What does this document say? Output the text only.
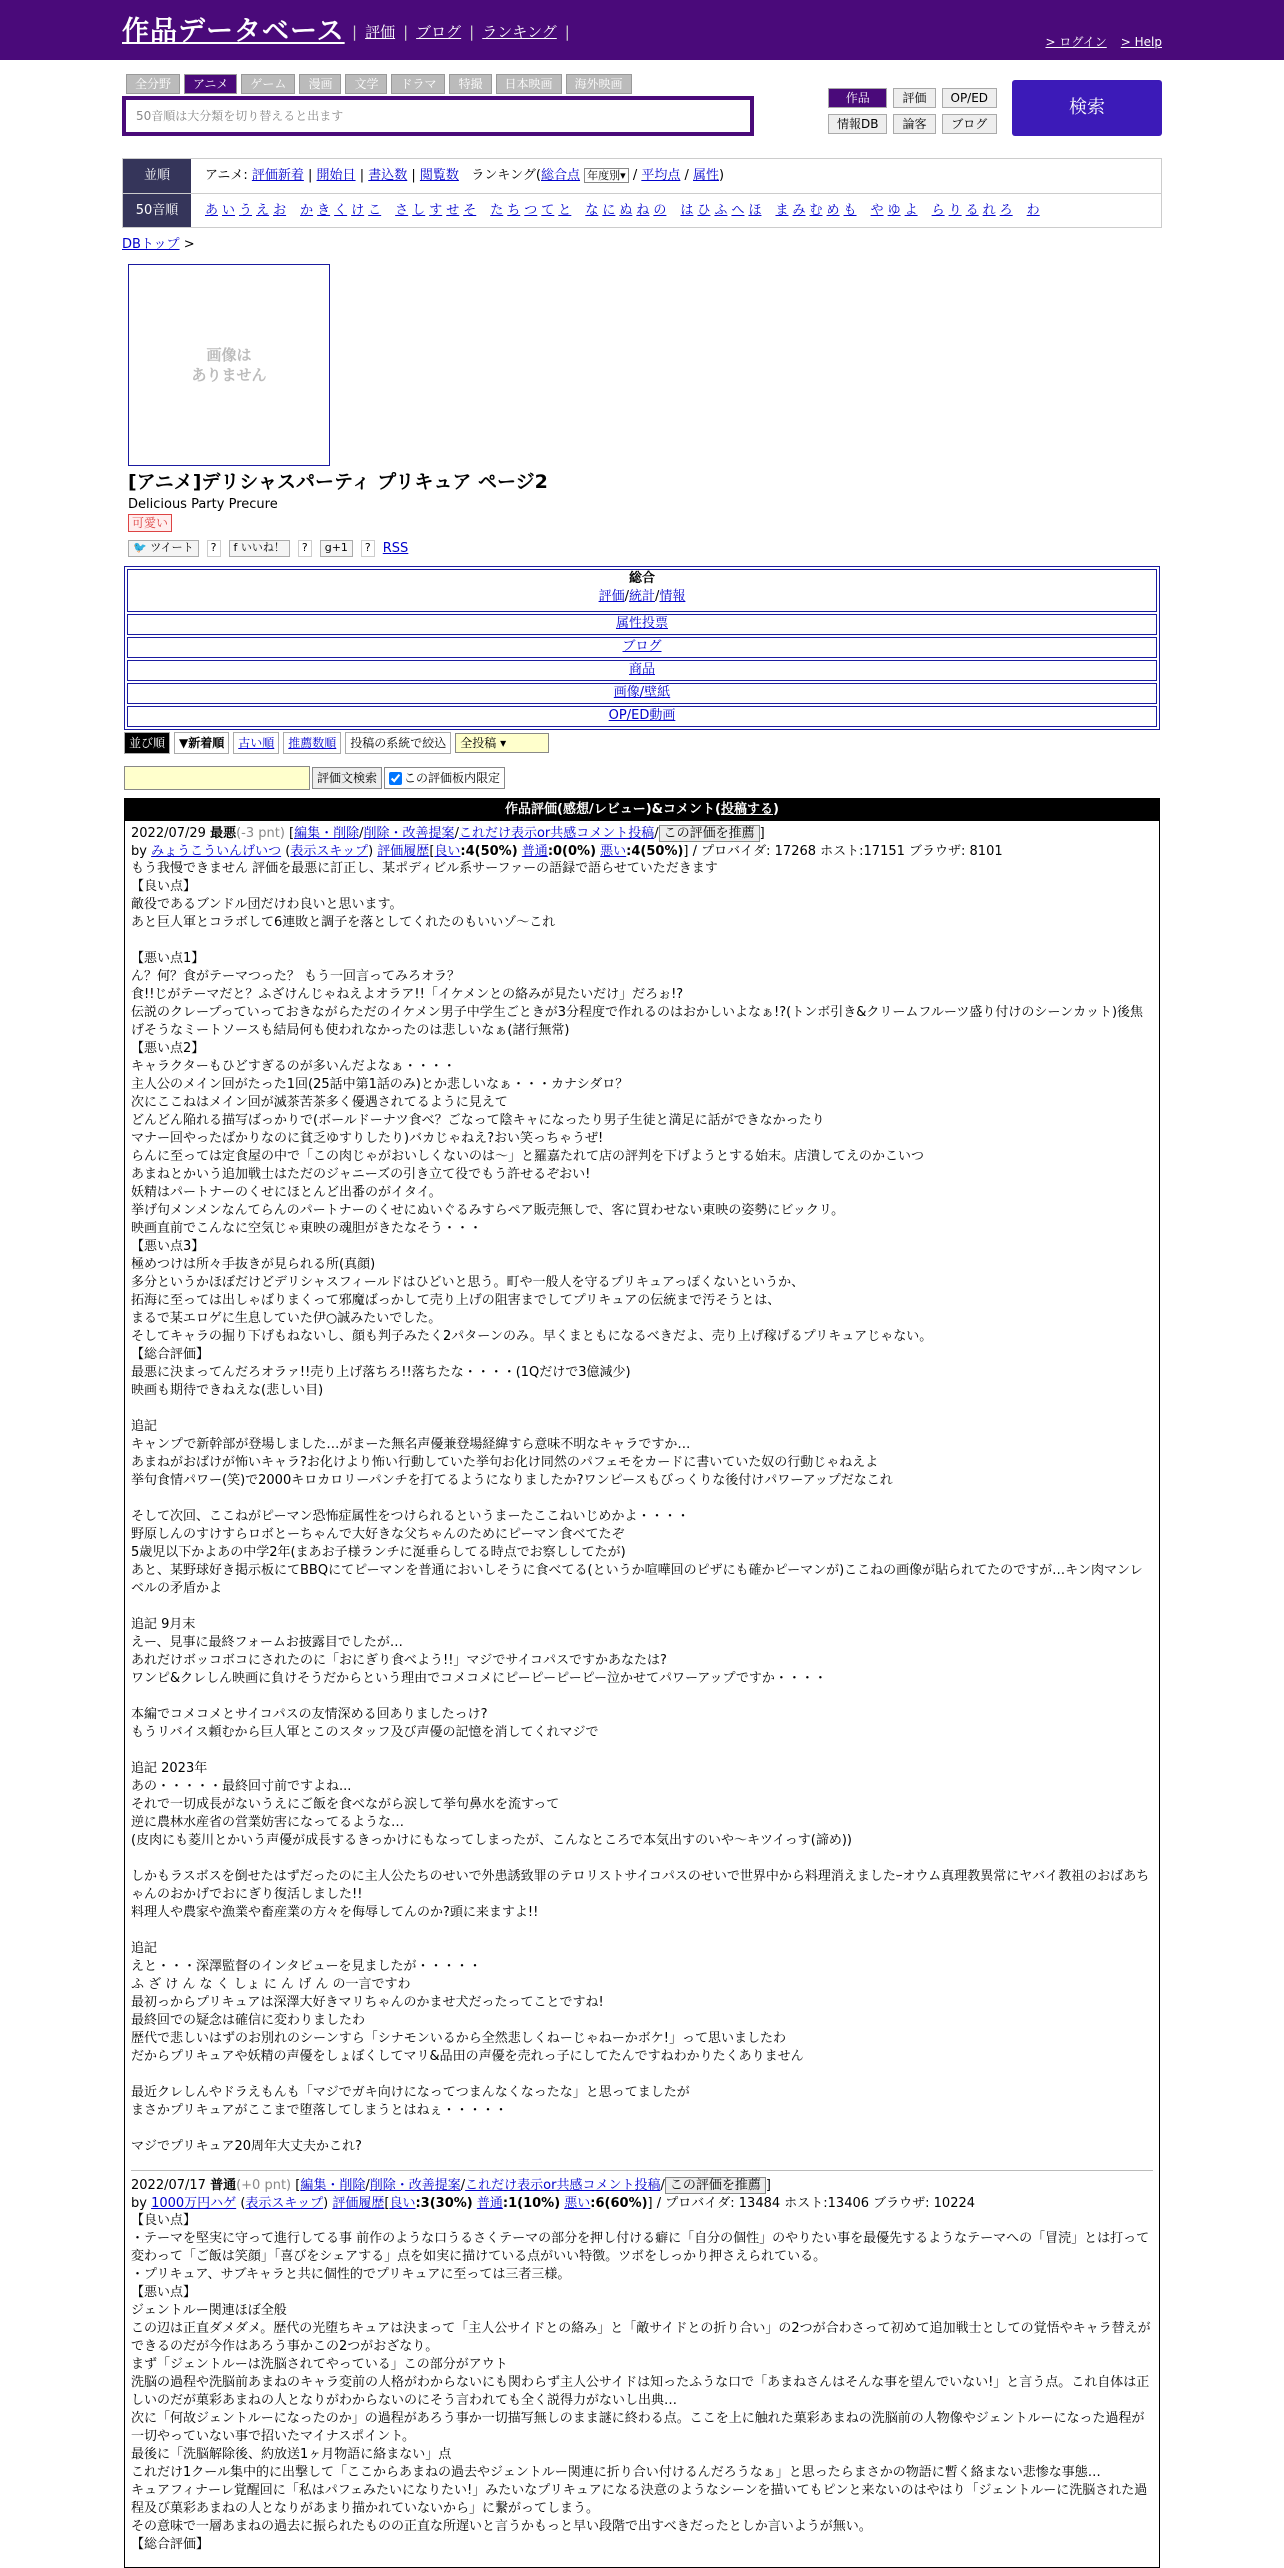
作品データベース | 評価 | ブログ | ランキング |
> ログイン > Help
全分野	アニメ	ゲーム	漫画	文学	ドラマ	特撮	日本映画	海外映画
50音順は大分類を切り替えると出ます
作品	評価	OP/ED
情報DB	論客	ブログ
検索
並順	アニメ: 評価新着 | 開始日 | 書込数 | 閲覧数 ランキング(総合点 年度別▾ / 平均点 / 属性)
50音順	あ い う え お か き く け こ さ し す せ そ た ち つ て と な に ぬ ね の は ひ ふ へ ほ ま み む め も や ゆ よ ら り る れ ろ わ
DBトップ >
画像は
ありません
[アニメ]デリシャスパーティ プリキュア ページ2
Delicious Party Precure
可愛い
🐦 ツイート	?	f いいね！	?	g+1	? RSS
総合
評価/統計/情報
属性投票
ブログ
商品
画像/壁紙
OP/ED動画
並び順	▼新着順	古い順	推薦数順	投稿の系統で絞込	全投稿 ▾
評価文検索	この評価板内限定
作品評価(感想/レビュー)&コメント(投稿する)
2022/07/29 最悪(-3 pnt) [編集・削除/削除・改善提案/これだけ表示or共感コメント投稿/ この評価を推薦 ]
by みょうこういんげいつ (表示スキップ) 評価履歴[良い:4(50%) 普通:0(0%) 悪い:4(50%)] / プロバイダ: 17268 ホスト:17151 ブラウザ: 8101
もう我慢できません 評価を最悪に訂正し、某ポディビル系サーファーの語録で語らせていただきます
【良い点】
敵役であるブンドル団だけわ良いと思います。
あと巨人軍とコラボして6連敗と調子を落としてくれたのもいいゾ〜これ

【悪い点1】
ん？何？食がテーマつった？ もう一回言ってみろオラ？
食!!じがテーマだと？ふざけんじゃねえよオラア!!「イケメンとの絡みが見たいだけ」だろぉ!?
伝説のクレープっていっておきながらただのイケメン男子中学生ごときが3分程度で作れるのはおかしいよなぁ!?(トンボ引き&クリームフルーツ盛り付けのシーンカット)後焦げそうなミートソースも結局何も使われなかったのは悲しいなぁ(諸行無常)
【悪い点2】
キャラクターもひどすぎるのが多いんだよなぁ・・・・
主人公のメイン回がたった1回(25話中第1話のみ)とか悲しいなぁ・・・カナシダロ？
次にここねはメイン回が滅茶苦茶多く優遇されてるように見えて
どんどん陥れる描写ばっかりで(ボールドーナツ食べ？ごなって陰キャになったり男子生徒と満足に話ができなかったり
マナー回やったばかりなのに貧乏ゆすりしたり)バカじゃねえ?おい笑っちゃうぜ!
らんに至っては定食屋の中で「この肉じゃがおいしくないのは〜」と羅嘉たれて店の評判を下げようとする始末。店潰してえのかこいつ
あまねとかいう追加戦士はただのジャニーズの引き立て役でもう許せるぞおい!
妖精はパートナーのくせにほとんど出番のがイタイ。
挙げ句メンメンなんてらんのパートナーのくせにぬいぐるみすらペア販売無しで、客に買わせない東映の姿勢にビックリ。
映画直前でこんなに空気じゃ東映の魂胆がきたなそう・・・
【悪い点3】
極めつけは所々手抜きが見られる所(真顔)
多分というかほぼだけどデリシャスフィールドはひどいと思う。町や一般人を守るプリキュアっぽくないというか、
拓海に至っては出しゃばりまくって邪魔ばっかして売り上げの阻害までしてプリキュアの伝統まで汚そうとは、
まるで某エロゲに生息していた伊○誠みたいでした。
そしてキャラの掘り下げもねないし、顔も判子みたく2パターンのみ。早くまともになるべきだよ、売り上げ稼げるプリキュアじゃない。
【総合評価】
最悪に決まってんだろオラァ!!売り上げ落ちろ!!落ちたな・・・・(1Qだけで3億減少)
映画も期待できねえな(悲しい目)

追記
キャンプで新幹部が登場しました…がまーた無名声優兼登場経緯すら意味不明なキャラですか…
あまねがおばけが怖いキャラ?お化けより怖い行動していた挙句お化け同然のパフェモをカードに書いていた奴の行動じゃねえよ
挙句食情パワー(笑)で2000キロカロリーパンチを打てるようになりましたか?ワンピースもびっくりな後付けパワーアップだなこれ

そして次回、ここねがピーマン恐怖症属性をつけられるというまーたここねいじめかよ・・・・
野原しんのすけすらロボとーちゃんで大好きな父ちゃんのためにピーマン食べてたぞ
5歳児以下かよあの中学2年(まあお子様ランチに涎垂らしてる時点でお察ししてたが)
あと、某野球好き掲示板にてBBQにてピーマンを普通においしそうに食べてる(というか喧嘩回のピザにも確かピーマンが)ここねの画像が貼られてたのですが…キン肉マンレベルの矛盾かよ

追記 9月末
えー、見事に最終フォームお披露目でしたが…
あれだけボッコボコにされたのに「おにぎり食べよう!!」マジでサイコパスですかあなたは?
ワンピ&クレしん映画に負けそうだからという理由でコメコメにピーピーピーピー泣かせてパワーアップですか・・・・

本編でコメコメとサイコパスの友情深める回ありましたっけ?
もうリバイス頼むから巨人軍とこのスタッフ及び声優の記憶を消してくれマジで

追記 2023年
あの・・・・・最終回寸前ですよね...
それで一切成長がないうえにご飯を食べながら涙して挙句鼻水を流すって
逆に農林水産省の営業妨害になってるような…
(皮肉にも菱川とかいう声優が成長するきっかけにもなってしまったが、こんなところで本気出すのいや〜キツイっす(諦め))

しかもラスボスを倒せたはずだったのに主人公たちのせいで外患誘致罪のテロリストサイコパスのせいで世界中から料理消えましたｰオウム真理教異常にヤバイ教祖のおばあちゃんのおかげでおにぎり復活しました!!
料理人や農家や漁業や畜産業の方々を侮辱してんのか?頭に来ますよ!!

追記
えと・・・深澤監督のインタビューを見ましたが・・・・・
ふ ざ け ん な く しょ に ん げ ん の一言ですわ
最初っからプリキュアは深澤大好きマリちゃんのかませ犬だったってことですね!
最終回での疑念は確信に変わりましたわ
歴代で悲しいはずのお別れのシーンすら「シナモンいるから全然悲しくねーじゃねーかボケ!」って思いましたわ
だからプリキュアや妖精の声優をしょぼくしてマリ&品田の声優を売れっ子にしてたんですねわかりたくありません

最近クレしんやドラえもんも「マジでガキ向けになってつまんなくなったな」と思ってましたが
まさかプリキュアがここまで堕落してしまうとはねぇ・・・・・

マジでプリキュア20周年大丈夫かこれ?
2022/07/17 普通(+0 pnt) [編集・削除/削除・改善提案/これだけ表示or共感コメント投稿/ この評価を推薦 ]
by 1000万円ハゲ (表示スキップ) 評価履歴[良い:3(30%) 普通:1(10%) 悪い:6(60%)] / プロバイダ: 13484 ホスト:13406 ブラウザ: 10224
【良い点】
・テーマを堅実に守って進行してる事 前作のような口うるさくテーマの部分を押し付ける癖に「自分の個性」のやりたい事を最優先するようなテーマへの「冒涜」とは打って変わって「ご飯は笑顔」「喜びをシェアする」点を如実に描けている点がいい特徴。ツボをしっかり押さえられている。
・プリキュア、サブキャラと共に個性的でプリキュアに至っては三者三様。
【悪い点】
ジェントルー関連ほぼ全般
この辺は正直ダメダメ。歴代の光堕ちキュアは決まって「主人公サイドとの絡み」と「敵サイドとの折り合い」の2つが合わさって初めて追加戦士としての覚悟やキャラ替えができるのだが今作はあろう事かこの2つがおざなり。
まず「ジェントルーは洗脳されてやっている」この部分がアウト
洗脳の過程や洗脳前あまねのキャラ変前の人格がわからないにも関わらず主人公サイドは知ったふうな口で「あまねさんはそんな事を望んでいない!」と言う点。これ自体は正しいのだが菓彩あまねの人となりがわからないのにそう言われても全く説得力がないし出典…
次に「何故ジェントルーになったのか」の過程があろう事か一切描写無しのまま謎に終わる点。ここを上に触れた菓彩あまねの洗脳前の人物像やジェントルーになった過程が一切やっていない事で招いたマイナスポイント。
最後に「洗脳解除後、約放送1ヶ月物語に絡まない」点
これだけ1クール集中的に出撃して「ここからあまねの過去やジェントルー関連に折り合い付けるんだろうなぁ」と思ったらまさかの物語に暫く絡まない悲惨な事態…
キュアフィナーレ覚醒回に「私はパフェみたいになりたい!」みたいなプリキュアになる決意のようなシーンを描いてもピンと来ないのはやはり「ジェントルーに洗脳された過程及び菓彩あまねの人となりがあまり描かれていないから」に繋がってしまう。
その意味で一層あまねの過去に振られたものの正直な所遅いと言うかもっと早い段階で出すべきだったとしか言いようが無い。
【総合評価】
